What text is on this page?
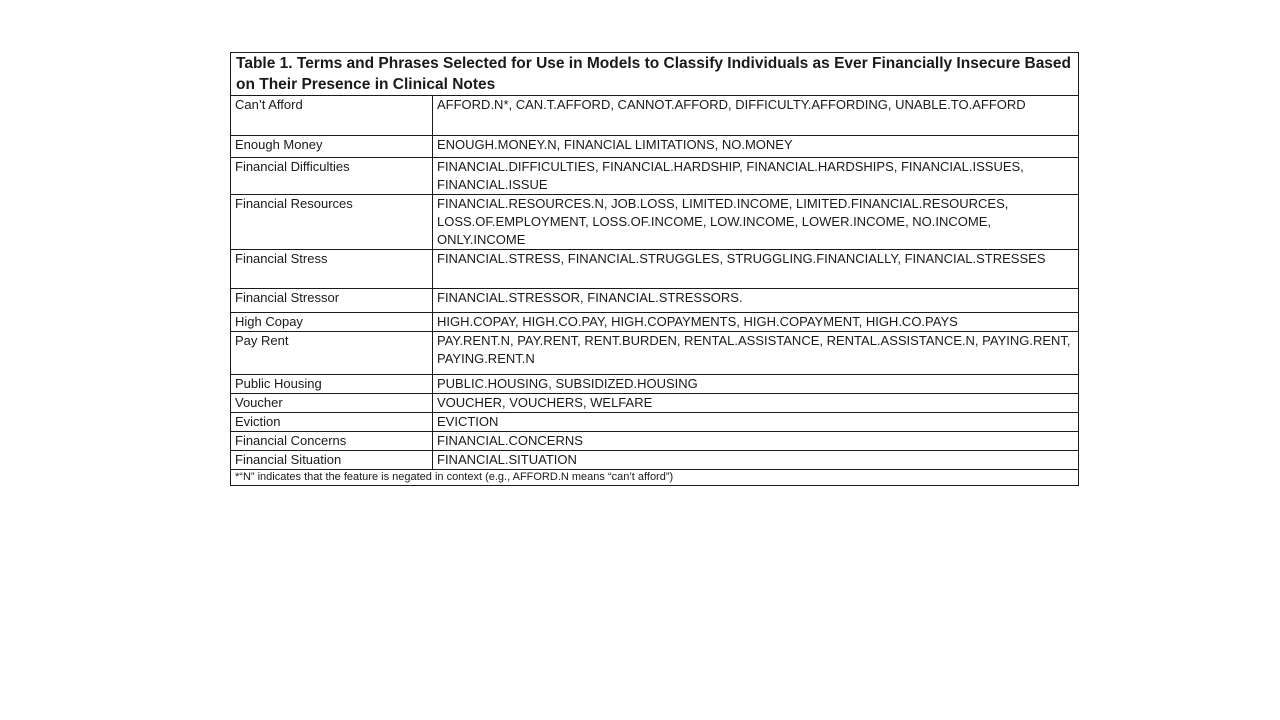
Table 1. Terms and Phrases Selected for Use in Models to Classify Individuals as Ever Financially Insecure Based on Their Presence in Clinical Notes	
Can’t Afford	AFFORD.N*, CAN.T.AFFORD, CANNOT.AFFORD, DIFFICULTY.AFFORDING, UNABLE.TO.AFFORD
Enough Money	ENOUGH.MONEY.N, FINANCIAL LIMITATIONS, NO.MONEY
Financial Difficulties	FINANCIAL.DIFFICULTIES, FINANCIAL.HARDSHIP, FINANCIAL.HARDSHIPS, FINANCIAL.ISSUES, FINANCIAL.ISSUE
Financial Resources	FINANCIAL.RESOURCES.N, JOB.LOSS, LIMITED.INCOME, LIMITED.FINANCIAL.RESOURCES, LOSS.OF.EMPLOYMENT, LOSS.OF.INCOME, LOW.INCOME, LOWER.INCOME, NO.INCOME, ONLY.INCOME
Financial Stress	FINANCIAL.STRESS, FINANCIAL.STRUGGLES, STRUGGLING.FINANCIALLY, FINANCIAL.STRESSES
Financial Stressor	FINANCIAL.STRESSOR, FINANCIAL.STRESSORS.
High Copay	HIGH.COPAY, HIGH.CO.PAY, HIGH.COPAYMENTS, HIGH.COPAYMENT, HIGH.CO.PAYS
Pay Rent	PAY.RENT.N, PAY.RENT, RENT.BURDEN, RENTAL.ASSISTANCE, RENTAL.ASSISTANCE.N, PAYING.RENT, PAYING.RENT.N
Public Housing	PUBLIC.HOUSING, SUBSIDIZED.HOUSING
Voucher	VOUCHER, VOUCHERS, WELFARE
Eviction	EVICTION
Financial Concerns	FINANCIAL.CONCERNS
Financial Situation	FINANCIAL.SITUATION
*“N” indicates that the feature is negated in context (e.g., AFFORD.N means “can’t afford”)	
